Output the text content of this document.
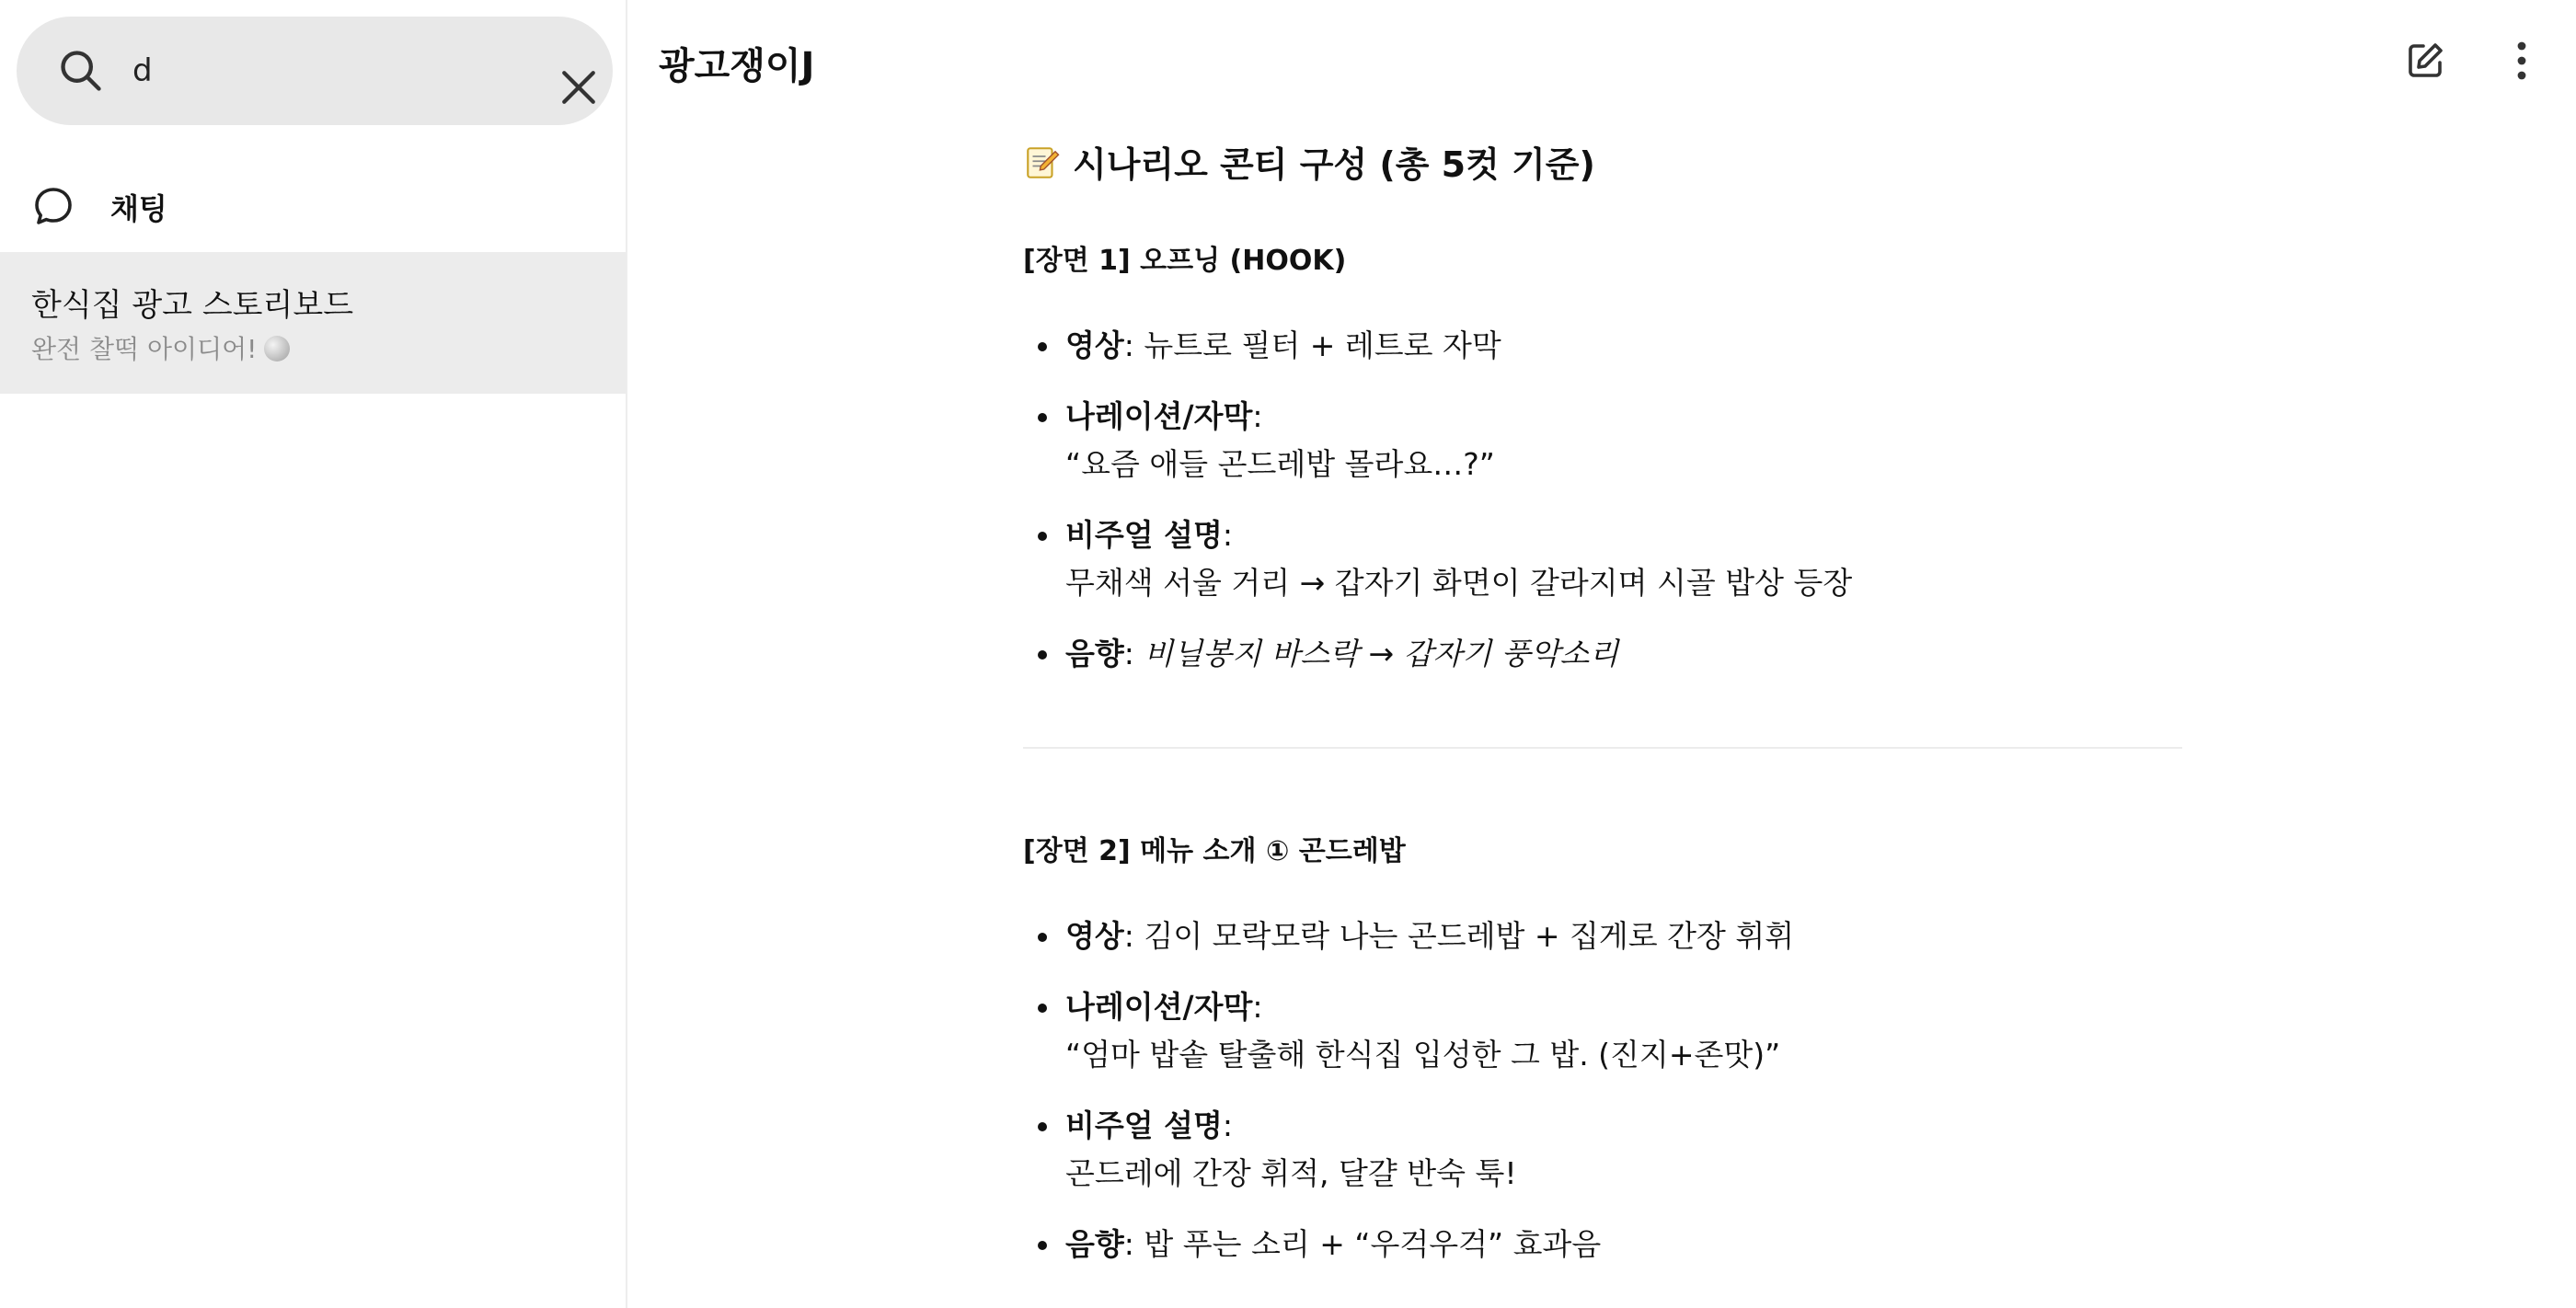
d
채팅
한식집 광고 스토리보드
완전 찰떡 아이디어!
광고쟁이J
시나리오 콘티 구성 (총 5컷 기준)
[장면 1] 오프닝 (HOOK)
영상: 뉴트로 필터 + 레트로 자막
나레이션/자막:
“요즘 애들 곤드레밥 몰라요…?”
비주얼 설명:
무채색 서울 거리 → 갑자기 화면이 갈라지며 시골 밥상 등장
음향: 비닐봉지 바스락 → 갑자기 풍악소리
[장면 2] 메뉴 소개 ① 곤드레밥
영상: 김이 모락모락 나는 곤드레밥 + 집게로 간장 휘휘
나레이션/자막:
“엄마 밥솥 탈출해 한식집 입성한 그 밥. (진지+존맛)”
비주얼 설명:
곤드레에 간장 휘적, 달걀 반숙 툭!
음향: 밥 푸는 소리 + “우걱우걱” 효과음
